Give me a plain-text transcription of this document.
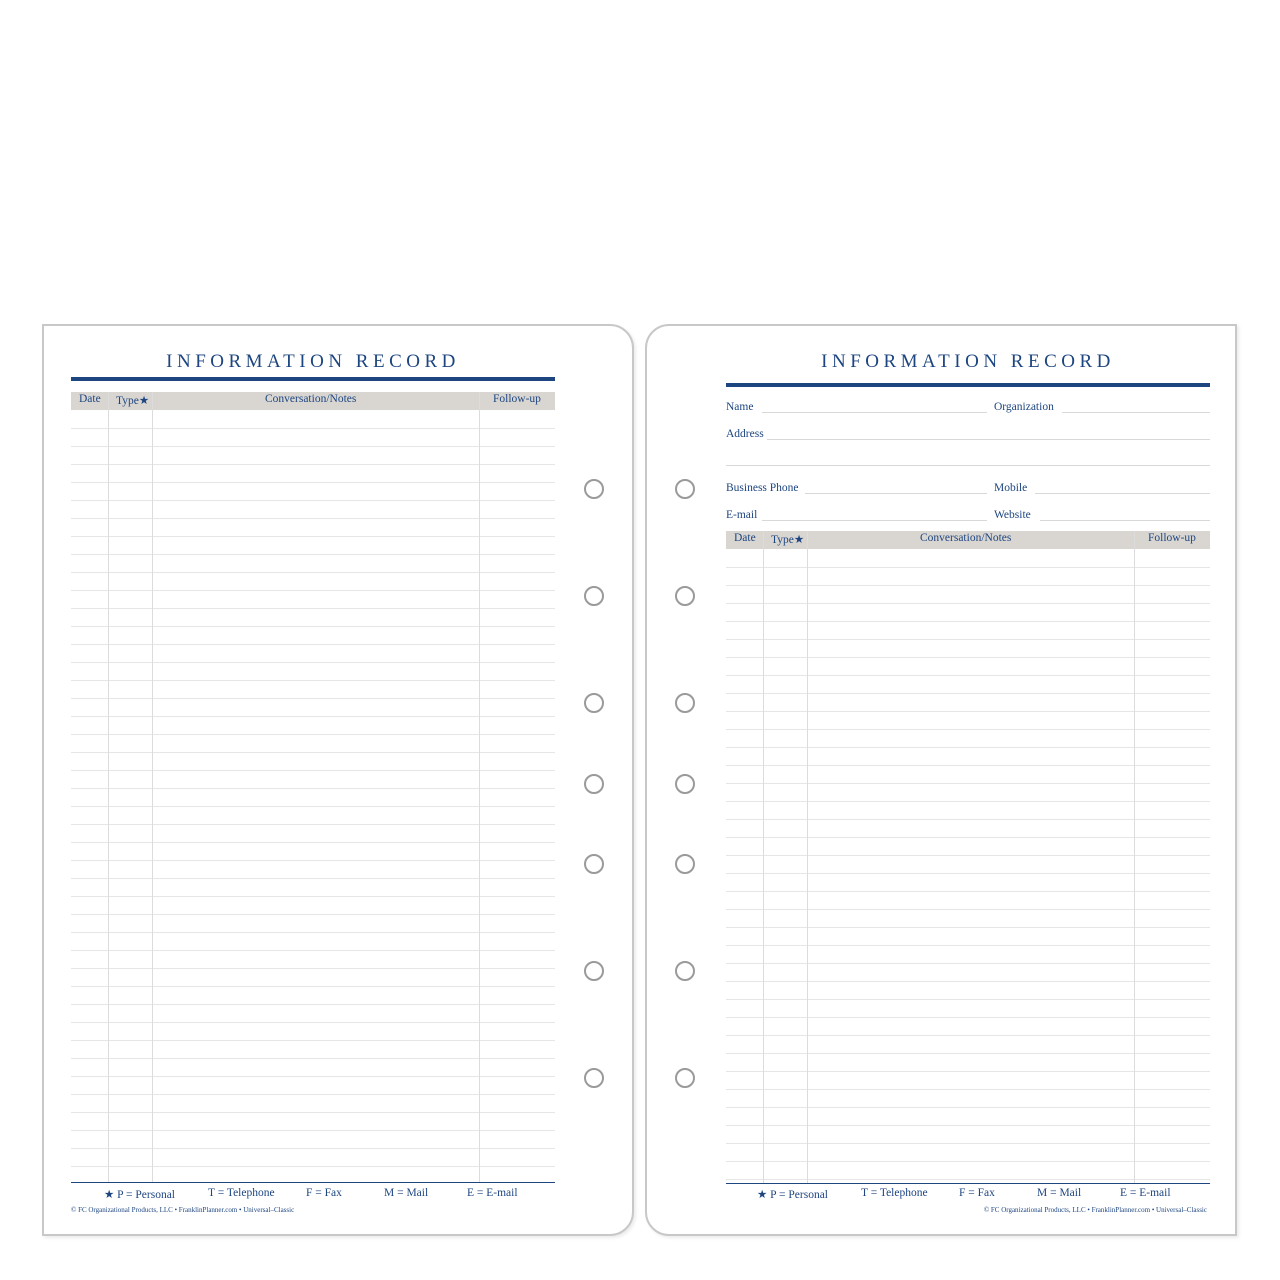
INFORMATION RECORD
Date Type★	Conversation/Notes	Follow-up
★ P = Personal	T = Telephone	F = Fax	M = Mail	E = E-mail
© FC Organizational Products, LLC • FranklinPlanner.com • Universal–Classic
INFORMATION RECORD
Name	Organization
Address
Business Phone	Mobile
E-mail	Website
Date Type★	Conversation/Notes	Follow-up
★ P = Personal	T = Telephone	F = Fax	M = Mail	E = E-mail
© FC Organizational Products, LLC • FranklinPlanner.com • Universal–Classic
